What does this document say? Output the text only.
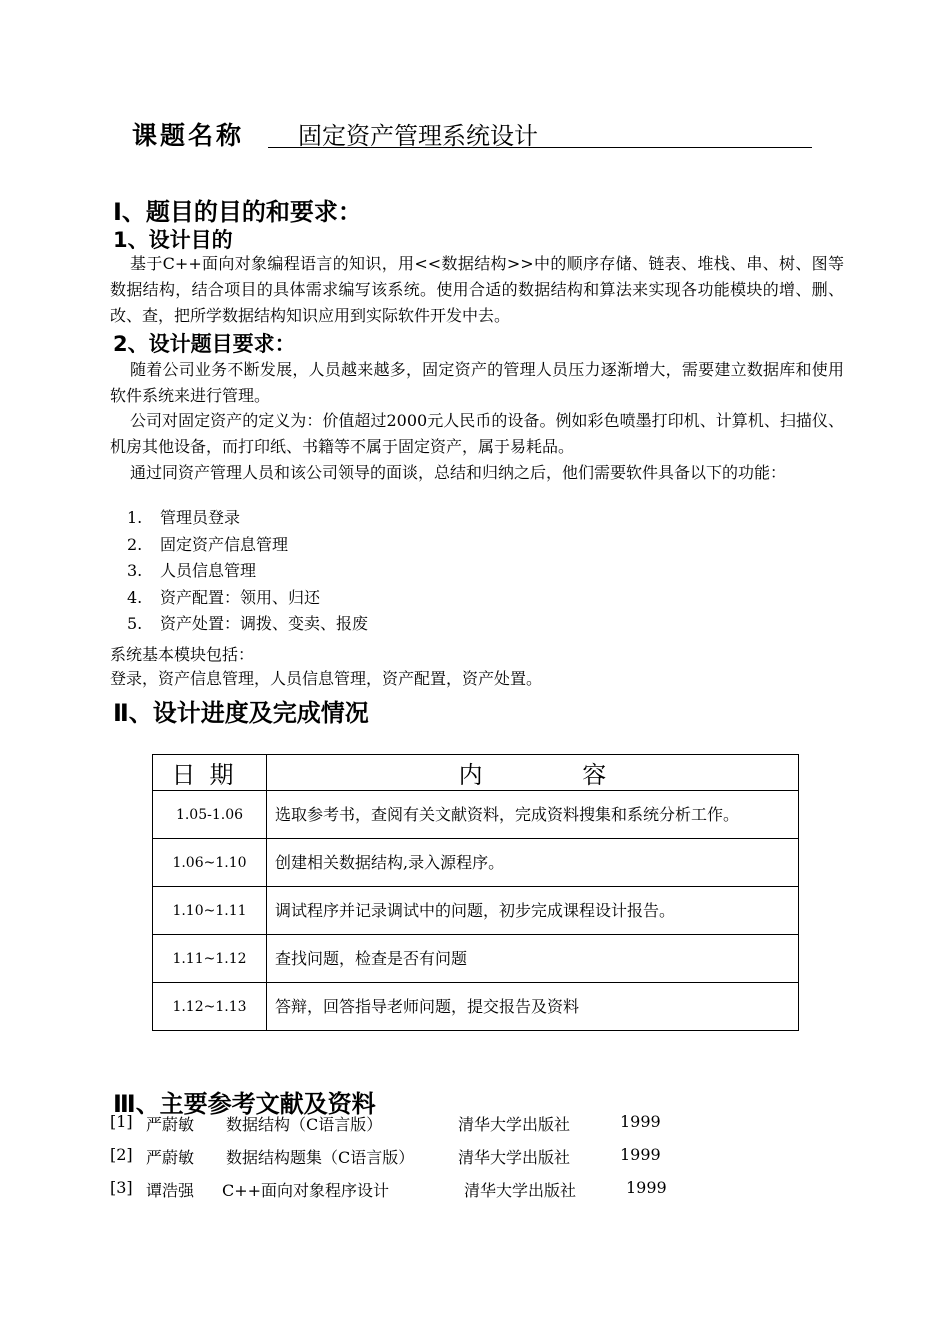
课题名称	固定资产管理系统设计
Ⅰ、题目的目的和要求：
1、设计目的

基于C++面向对象编程语言的知识，用<<数据结构>>中的顺序存储、链表、堆栈、串、树、图等数据结构，结合项目的具体需求编写该系统。使用合适的数据结构和算法来实现各功能模块的增、删、改、查，把所学数据结构知识应用到实际软件开发中去。

2、设计题目要求：

随着公司业务不断发展，人员越来越多，固定资产的管理人员压力逐渐增大，需要建立数据库和使用软件系统来进行管理。

公司对固定资产的定义为：价值超过2000元人民币的设备。例如彩色喷墨打印机、计算机、扫描仪、机房其他设备，而打印纸、书籍等不属于固定资产，属于易耗品。

通过同资产管理人员和该公司领导的面谈，总结和归纳之后，他们需要软件具备以下的功能：

1. 管理员登录
2. 固定资产信息管理
3. 人员信息管理
4. 资产配置：领用、归还
5. 资产处置：调拨、变卖、报废
系统基本模块包括：
登录，资产信息管理，人员信息管理，资产配置，资产处置。
Ⅱ、设计进度及完成情况
日期	内 容
1.05-1.06	选取参考书，查阅有关文献资料，完成资料搜集和系统分析工作。
1.06~1.10	创建相关数据结构,录入源程序。
1.10~1.11	调试程序并记录调试中的问题，初步完成课程设计报告。
1.11~1.12	查找问题，检查是否有问题
1.12~1.13	答辩，回答指导老师问题，提交报告及资料
Ⅲ、主要参考文献及资料
[1] 严蔚敏 数据结构（C语言版）	清华大学出版社	1999
[2] 严蔚敏 数据结构题集（C语言版）	清华大学出版社	1999
[3] 谭浩强 C++面向对象程序设计	清华大学出版社	1999
